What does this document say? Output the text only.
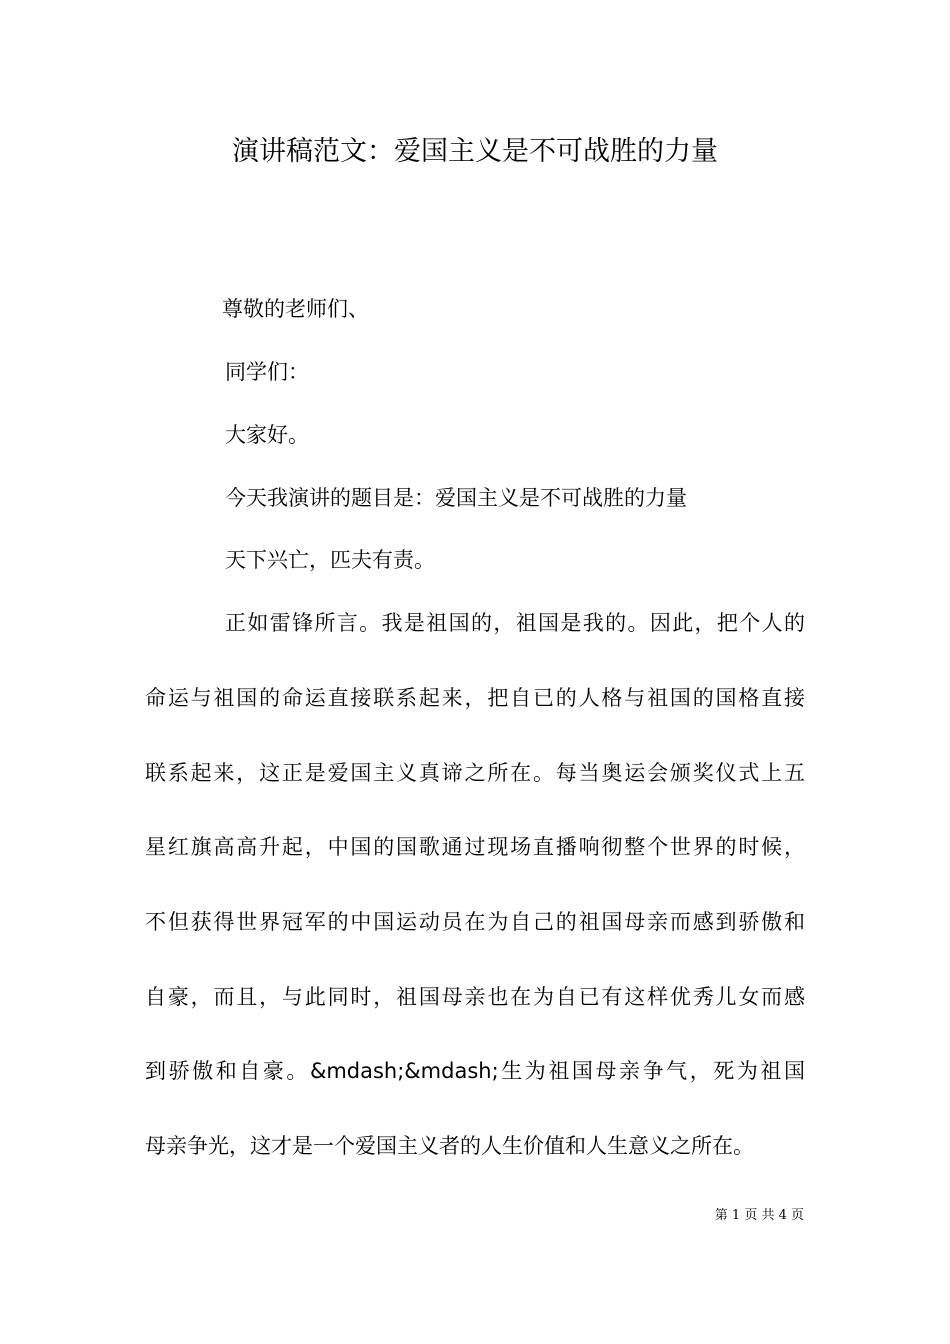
演讲稿范文：爱国主义是不可战胜的力量

尊敬的老师们、

同学们：

大家好。

今天我演讲的题目是：爱国主义是不可战胜的力量

天下兴亡，匹夫有责。

正如雷锋所言。我是祖国的，祖国是我的。因此，把个人的

命运与祖国的命运直接联系起来，把自已的人格与祖国的国格直接

联系起来，这正是爱国主义真谛之所在。每当奥运会颁奖仪式上五

星红旗高高升起，中国的国歌通过现场直播响彻整个世界的时候，

不但获得世界冠军的中国运动员在为自己的祖国母亲而感到骄傲和

自豪，而且，与此同时，祖国母亲也在为自已有这样优秀儿女而感

到骄傲和自豪。&mdash;&mdash;生为祖国母亲争气，死为祖国

母亲争光，这才是一个爱国主义者的人生价值和人生意义之所在。

第 1 页 共 4 页
